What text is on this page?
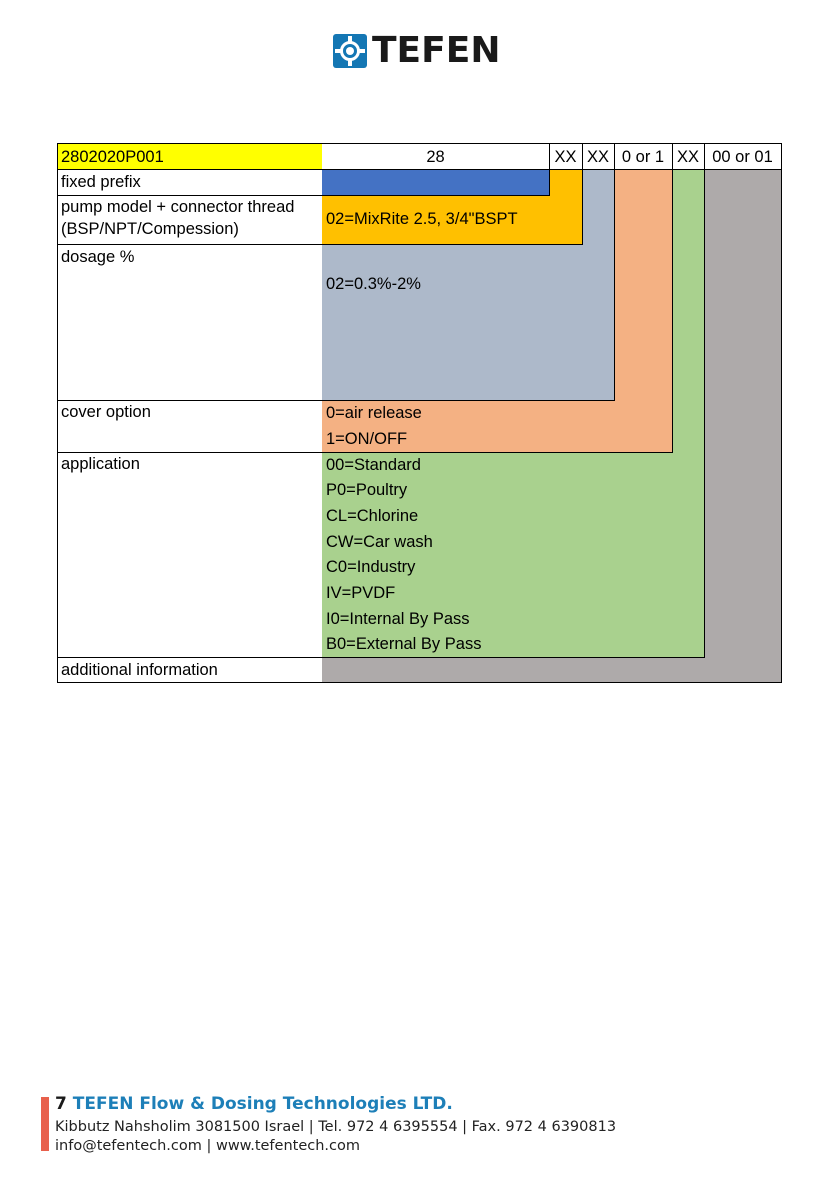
TEFEN
2802020P001	28	XX XX 0 or 1 XX 00 or 01
fixed prefix
pump model + connector thread
(BSP/NPT/Compession)
dosage %
cover option
application
additional information
02=MixRite 2.5, 3/4"BSPT
02=0.3%-2%
0=air release
1=ON/OFF
00=Standard
P0=Poultry
CL=Chlorine
CW=Car wash
C0=Industry
IV=PVDF
I0=Internal By Pass
B0=External By Pass
7 TEFEN Flow & Dosing Technologies LTD.
Kibbutz Nahsholim 3081500 Israel | Tel. 972 4 6395554 | Fax. 972 4 6390813
info@tefentech.com | www.tefentech.com
